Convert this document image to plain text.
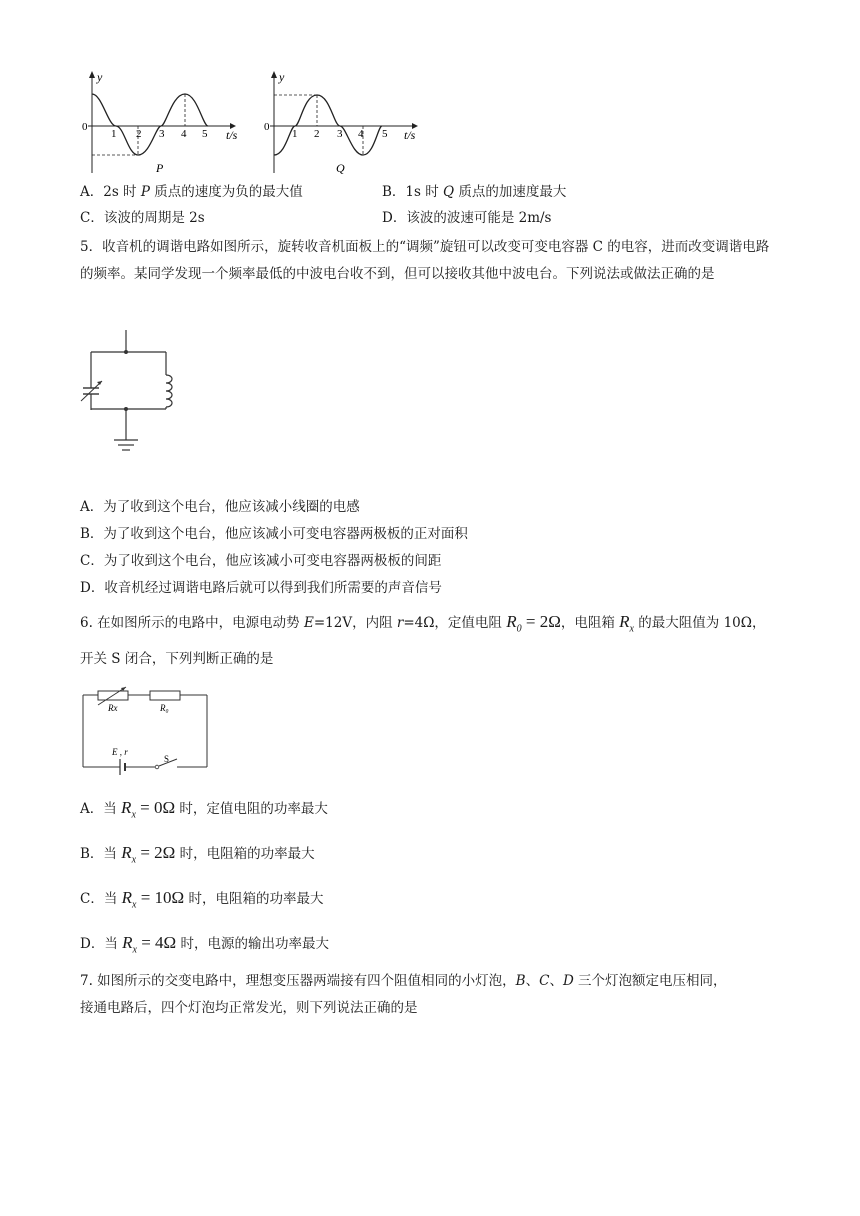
y
t/s
0
1 2 3 4 5
P
y
t/s
0
1 2 3 4 5
Q
A．2s 时 P 质点的速度为负的最大值	B．1s 时 Q 质点的加速度最大
C．该波的周期是 2s	D．该波的波速可能是 2m/s
5．收音机的调谐电路如图所示，旋转收音机面板上的“调频”旋钮可以改变可变电容器 C 的电容，进而改变调谐电路的频率。某同学发现一个频率最低的中波电台收不到，但可以接收其他中波电台。下列说法或做法正确的是
A．为了收到这个电台，他应该减小线圈的电感
B．为了收到这个电台，他应该减小可变电容器两极板的正对面积
C．为了收到这个电台，他应该减小可变电容器两极板的间距
D．收音机经过调谐电路后就可以得到我们所需要的声音信号
6. 在如图所示的电路中，电源电动势 E=12V，内阻 r=4Ω，定值电阻 $R_0 = 2\Omega$，电阻箱 $R_x$ 的最大阻值为 10Ω，
开关 S 闭合，下列判断正确的是
Rx	R₀
E , r
S
A．当 $R_x = 0\Omega$ 时，定值电阻的功率最大
B．当 $R_x = 2\Omega$ 时，电阻箱的功率最大
C．当 $R_x = 10\Omega$ 时，电阻箱的功率最大
D．当 $R_x = 4\Omega$ 时，电源的输出功率最大
7. 如图所示的交变电路中，理想变压器两端接有四个阻值相同的小灯泡，B、C、D 三个灯泡额定电压相同，
接通电路后，四个灯泡均正常发光，则下列说法正确的是
